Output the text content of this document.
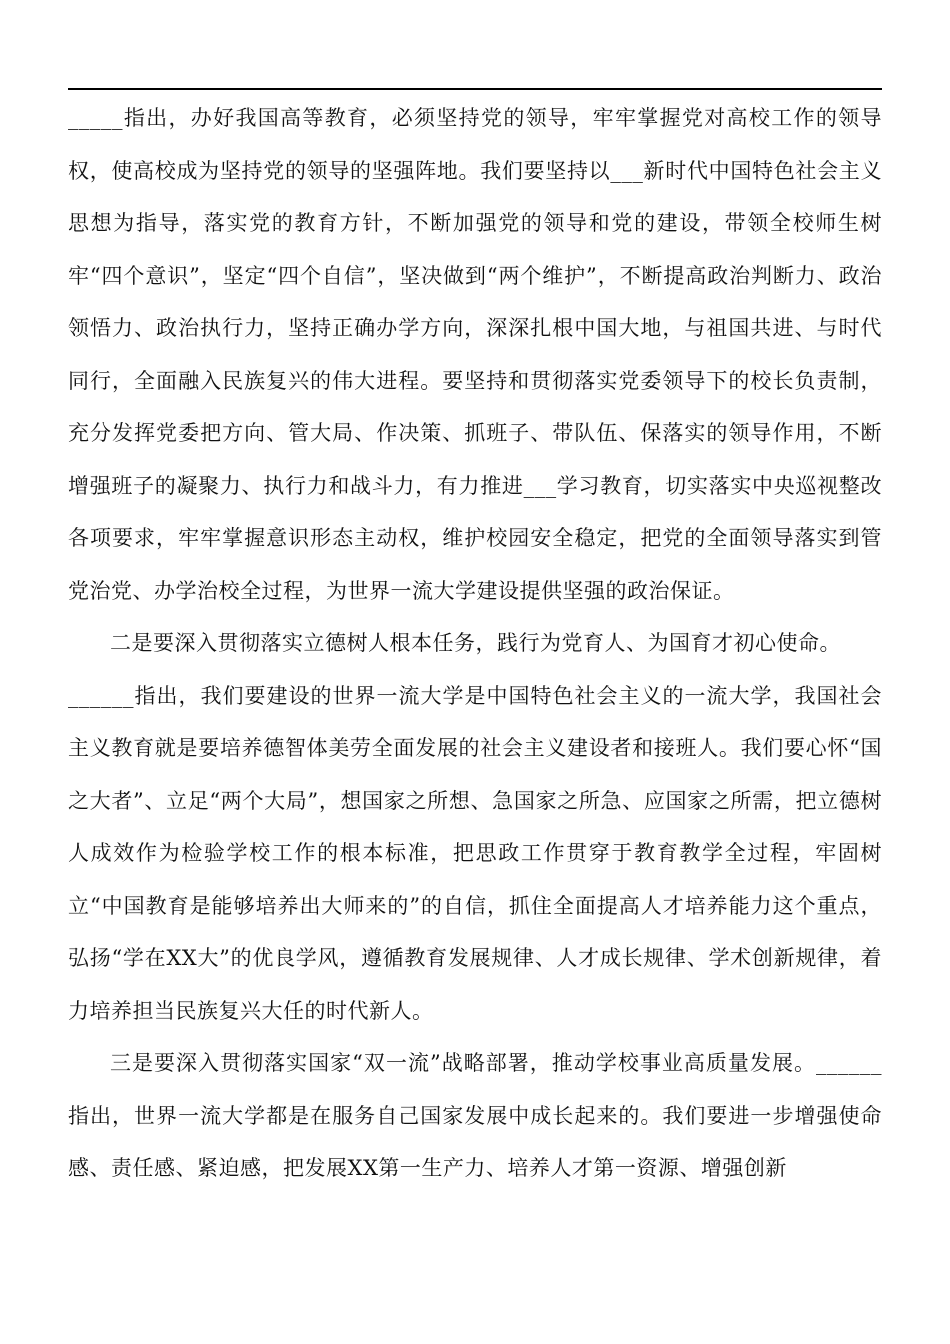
_____指出，办好我国高等教育，必须坚持党的领导，牢牢掌握党对高校工作的领导权，使高校成为坚持党的领导的坚强阵地。我们要坚持以___新时代中国特色社会主义思想为指导，落实党的教育方针，不断加强党的领导和党的建设，带领全校师生树牢“四个意识”，坚定“四个自信”，坚决做到“两个维护”，不断提高政治判断力、政治领悟力、政治执行力，坚持正确办学方向，深深扎根中国大地，与祖国共进、与时代同行，全面融入民族复兴的伟大进程。要坚持和贯彻落实党委领导下的校长负责制，充分发挥党委把方向、管大局、作决策、抓班子、带队伍、保落实的领导作用，不断增强班子的凝聚力、执行力和战斗力，有力推进___学习教育，切实落实中央巡视整改各项要求，牢牢掌握意识形态主动权，维护校园安全稳定，把党的全面领导落实到管党治党、办学治校全过程，为世界一流大学建设提供坚强的政治保证。

二是要深入贯彻落实立德树人根本任务，践行为党育人、为国育才初心使命。

______指出，我们要建设的世界一流大学是中国特色社会主义的一流大学，我国社会主义教育就是要培养德智体美劳全面发展的社会主义建设者和接班人。我们要心怀“国之大者”、立足“两个大局”，想国家之所想、急国家之所急、应国家之所需，把立德树人成效作为检验学校工作的根本标准，把思政工作贯穿于教育教学全过程，牢固树立“中国教育是能够培养出大师来的”的自信，抓住全面提高人才培养能力这个重点，弘扬“学在XX大”的优良学风，遵循教育发展规律、人才成长规律、学术创新规律，着力培养担当民族复兴大任的时代新人。

三是要深入贯彻落实国家“双一流”战略部署，推动学校事业高质量发展。______指出，世界一流大学都是在服务自己国家发展中成长起来的。我们要进一步增强使命感、责任感、紧迫感，把发展XX第一生产力、培养人才第一资源、增强创新
